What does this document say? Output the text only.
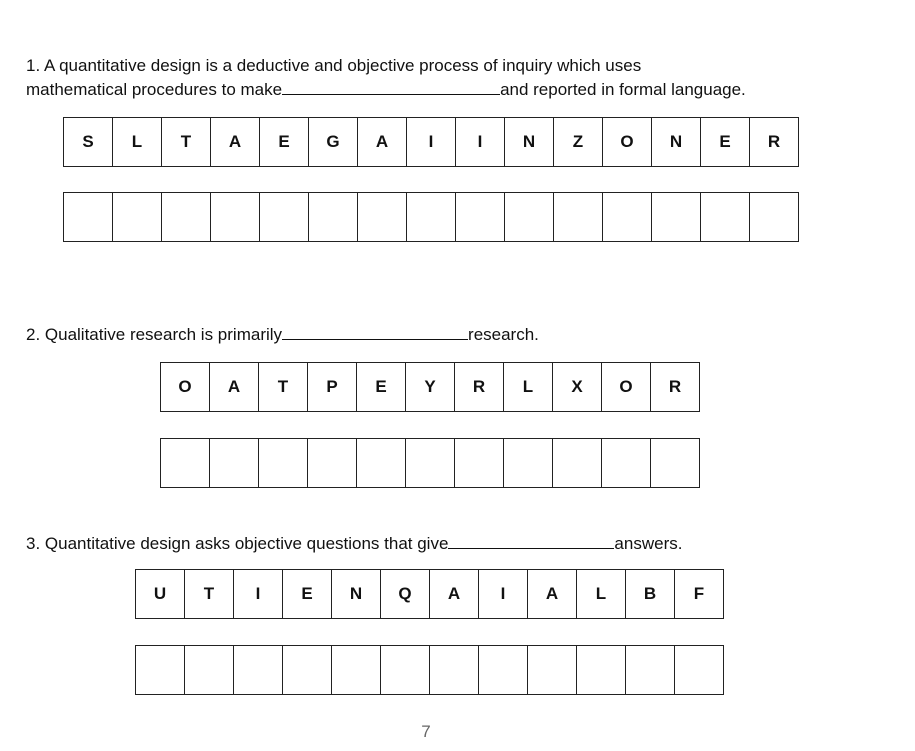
1. A quantitative design is a deductive and objective process of inquiry which uses
mathematical procedures to make	and reported in formal language.
S	L	T	A	E	G	A	I	I	N	Z	O	N	E	R
2. Qualitative research is primarily	research.
O	A	T	P	E	Y	R	L	X	O	R
3. Quantitative design asks objective questions that give	answers.
U	T	I	E	N	Q	A	I	A	L	B	F
7
